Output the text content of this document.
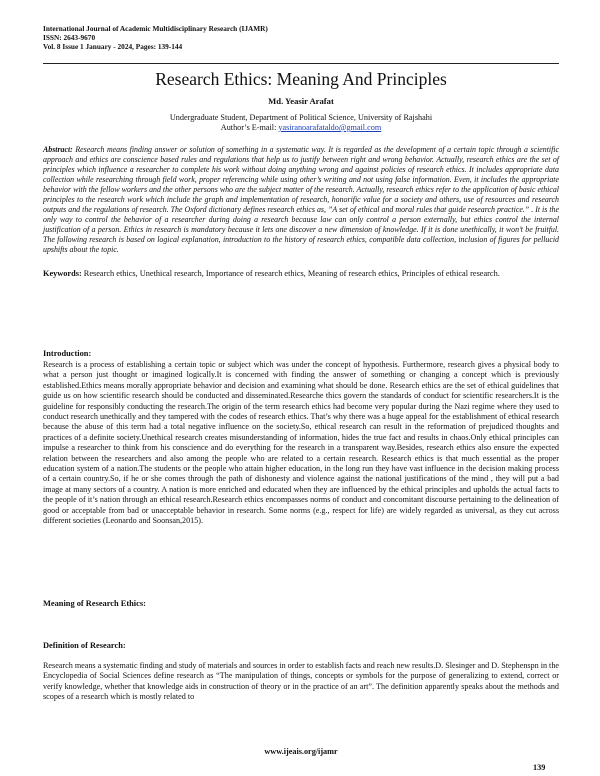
International Journal of Academic Multidisciplinary Research (IJAMR)
ISSN: 2643-9670
Vol. 8 Issue 1 January - 2024, Pages: 139-144
Research Ethics: Meaning And Principles
Md. Yeasir Arafat
Undergraduate Student, Department of Political Science, University of Rajshahi
Author’s E-mail: yasiranoarafataldo@gmail.com
Abstract: Research means finding answer or solution of something in a systematic way. It is regarded as the development of a certain topic through a scientific approach and ethics are conscience based rules and regulations that help us to justify between right and wrong behavior. Actually, research ethics are the set of principles which influence a researcher to complete his work without doing anything wrong and against policies of research ethics. It includes appropriate data collection while researching through field work, proper referencing while using other’s writing and not using false information. Even, it includes the appropriate behavior with the fellow workers and the other persons who are the subject matter of the research. Actually, research ethics refer to the application of basic ethical principles to the research work which include the graph and implementation of research, honorific value for a society and others, use of resources and research outputs and the regulations of research. The Oxford dictionary defines research ethics as, ”A set of ethical and moral rules that guide research practice.” . It is the only way to control the behavior of a researcher during doing a research because law can only control a person externally, but ethics control the internal justification of a person. Ethics in research is mandatory because it lets one discover a new dimension of knowledge. If it is done unethically, it won’t be fruitful. The following research is based on logical explanation, introduction to the history of research ethics, compatible data collection, inclusion of figures for pellucid upshifts about the topic.
Keywords: Research ethics, Unethical research, Importance of research ethics, Meaning of research ethics, Principles of ethical research.
Introduction:
Research is a process of establishing a certain topic or subject which was under the concept of hypothesis. Furthermore, research gives a physical body to what a person just thought or imagined logically.It is concerned with finding the answer of something or changing a concept which is previously established.Ethics means morally appropriate behavior and decision and examining what should be done. Research ethics are the set of ethical guidelines that guide us on how scientific research should be conducted and disseminated.Researche thics govern the standards of conduct for scientific researchers.It is the guideline for responsibly conducting the research.The origin of the term research ethics had become very popular during the Nazi regime where they used to conduct research unethically and they tampered with the codes of research ethics. That’s why there was a huge appeal for the establishment of ethical research because the abuse of this term had a total negative influence on the society.So, ethical research can result in the reformation of prejudiced thoughts and practices of a definite society.Unethical research creates misunderstanding of information, hides the true fact and results in chaos.Only ethical principles can impulse a researcher to think from his conscience and do everything for the research in a transparent way.Besides, research ethics also ensure the expected relation between the researchers and also among the people who are related to a certain research. Research ethics is that much essential as the proper education system of a nation.The students or the people who attain higher education, in the long run they have vast influence in the decision making process of a certain country.So, if he or she comes through the path of dishonesty and violence against the national justifications of the mind , they will put a bad image at many sectors of a country. A nation is more enriched and educated when they are influenced by the ethical principles and upholds the actual facts to the people of it’s nation through an ethical research.Research ethics encompasses norms of conduct and concomitant discourse pertaining to the delineation of good or acceptable from bad or unacceptable behavior in research. Some norms (e.g., respect for life) are widely regarded as universal, as they cut across different societies (Leonardo and Soonsan,2015).
Meaning of Research Ethics:
Definition of Research:
Research means a systematic finding and study of materials and sources in order to establish facts and reach new results.D. Slesinger and D. Stephenspn in the Encyclopedia of Social Sciences define research as “The manipulation of things, concepts or symbols for the purpose of generalizing to extend, correct or verify knowledge, whether that knowledge aids in construction of theory or in the practice of an art”. The definition apparently speaks about the methods and scopes of a research which is mostly related to
www.ijeais.org/ijamr
139
